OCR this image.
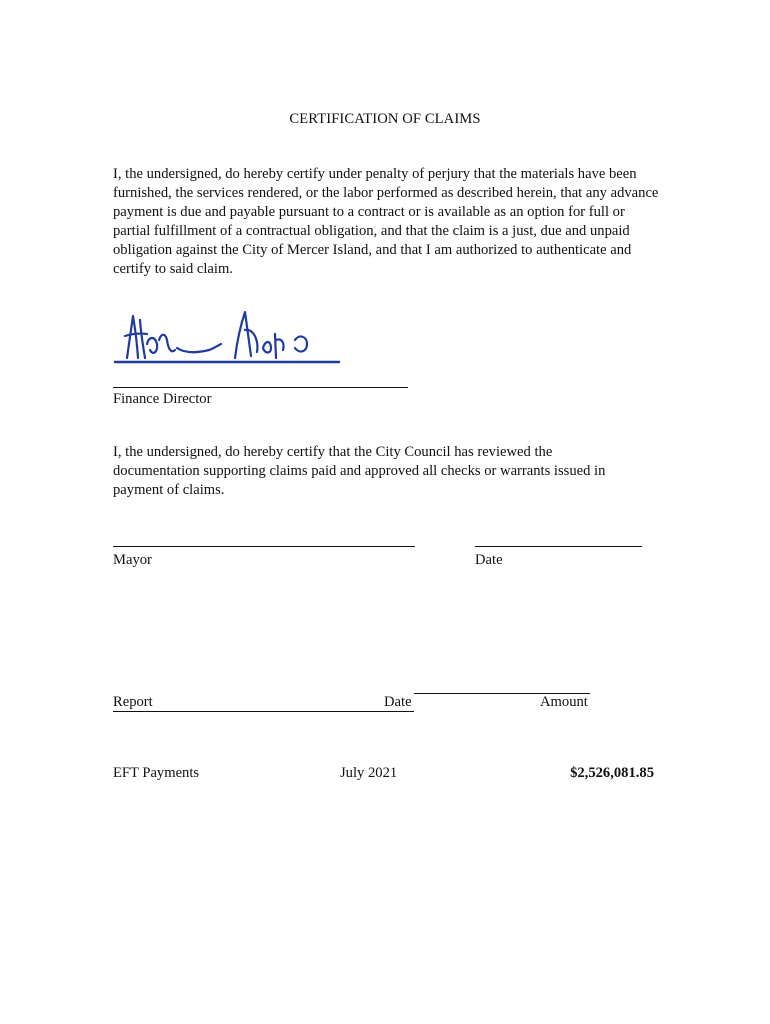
CERTIFICATION OF CLAIMS
I, the undersigned, do hereby certify under penalty of perjury that the materials have been furnished, the services rendered, or the labor performed as described herein, that any advance payment is due and payable pursuant to a contract or is available as an option for full or partial fulfillment of a contractual obligation, and that the claim is a just, due and unpaid obligation against the City of Mercer Island, and that I am authorized to authenticate and certify to said claim.
Finance Director
I, the undersigned, do hereby certify that the City Council has reviewed the documentation supporting claims paid and approved all checks or warrants issued in payment of claims.
Mayor	Date
Report	Date	Amount
EFT Payments	July 2021	$2,526,081.85
